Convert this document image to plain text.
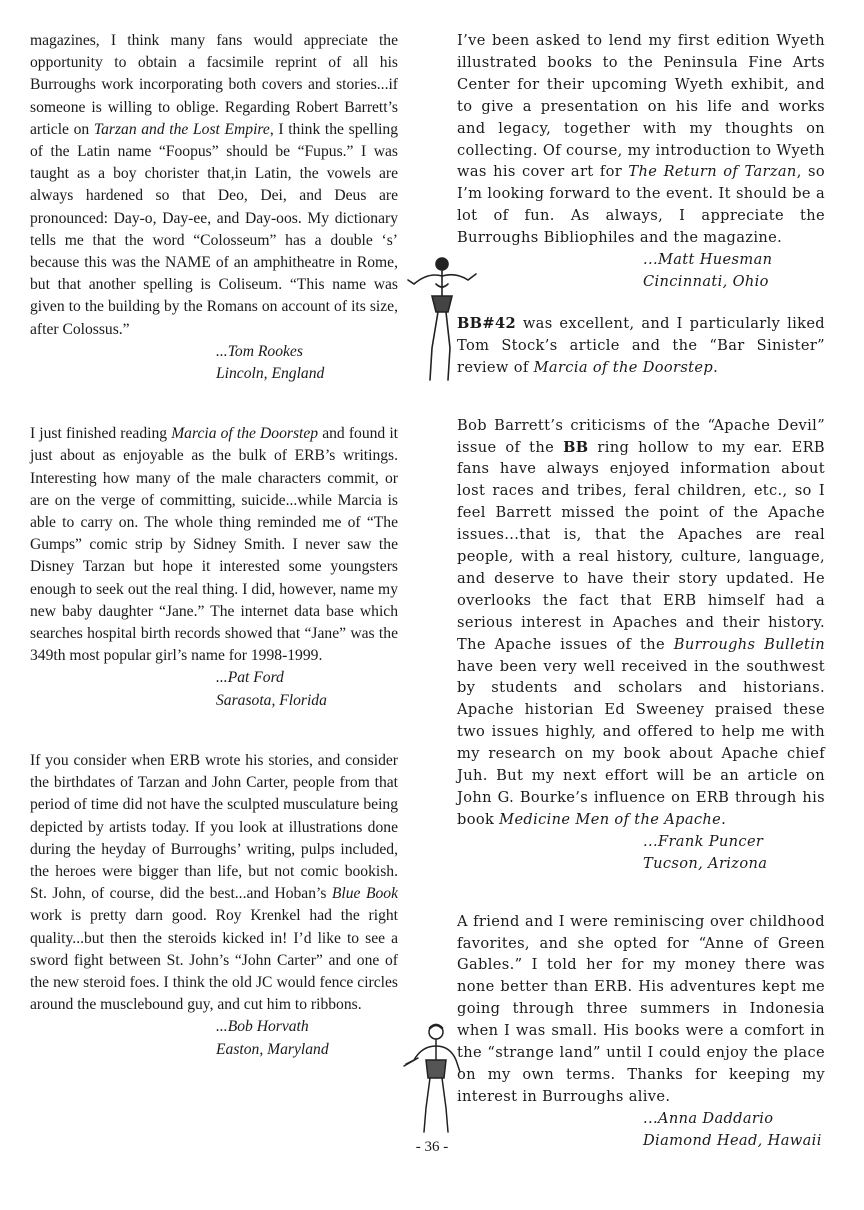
magazines, I think many fans would appreciate the opportunity to obtain a facsimile reprint of all his Burroughs work incorporating both covers and stories...if someone is willing to oblige. Regarding Robert Barrett’s article on Tarzan and the Lost Empire, I think the spelling of the Latin name “Foopus” should be “Fupus.” I was taught as a boy chorister that,in Latin, the vowels are always hardened so that Deo, Dei, and Deus are pronounced: Day-o, Day-ee, and Day-oos. My dictionary tells me that the word “Colosseum” has a double ‘s’ because this was the NAME of an amphitheatre in Rome, but that another spelling is Coliseum. “This name was given to the building by the Romans on account of its size, after Colossus.”

...Tom Rookes
Lincoln, England

I just finished reading Marcia of the Doorstep and found it just about as enjoyable as the bulk of ERB’s writings. Interesting how many of the male characters commit, or are on the verge of committing, suicide...while Marcia is able to carry on. The whole thing reminded me of “The Gumps” comic strip by Sidney Smith. I never saw the Disney Tarzan but hope it interested some youngsters enough to seek out the real thing. I did, however, name my new baby daughter “Jane.” The internet data base which searches hospital birth records showed that “Jane” was the 349th most popular girl’s name for 1998-1999.

...Pat Ford
Sarasota, Florida

If you consider when ERB wrote his stories, and consider the birthdates of Tarzan and John Carter, people from that period of time did not have the sculpted musculature being depicted by artists today. If you look at illustrations done during the heyday of Burroughs’ writing, pulps included, the heroes were bigger than life, but not comic bookish. St. John, of course, did the best...and Hoban’s Blue Book work is pretty darn good. Roy Krenkel had the right quality...but then the steroids kicked in! I’d like to see a sword fight between St. John’s “John Carter” and one of the new steroid foes. I think the old JC would fence circles around the musclebound guy, and cut him to ribbons.

...Bob Horvath
Easton, Maryland

I’ve been asked to lend my first edition Wyeth illustrated books to the Peninsula Fine Arts Center for their upcoming Wyeth exhibit, and to give a presentation on his life and works and legacy, together with my thoughts on collecting. Of course, my introduction to Wyeth was his cover art for The Return of Tarzan, so I’m looking forward to the event. It should be a lot of fun. As always, I appreciate the Burroughs Bibliophiles and the magazine.

...Matt Huesman
Cincinnati, Ohio

BB#42 was excellent, and I particularly liked Tom Stock’s article and the “Bar Sinister” review of Marcia of the Doorstep.

Bob Barrett’s criticisms of the “Apache Devil” issue of the BB ring hollow to my ear. ERB fans have always enjoyed information about lost races and tribes, feral children, etc., so I feel Barrett missed the point of the Apache issues...that is, that the Apaches are real people, with a real history, culture, language, and deserve to have their story updated. He overlooks the fact that ERB himself had a serious interest in Apaches and their history. The Apache issues of the Burroughs Bulletin have been very well received in the southwest by students and scholars and historians. Apache historian Ed Sweeney praised these two issues highly, and offered to help me with my research on my book about Apache chief Juh. But my next effort will be an article on John G. Bourke’s influence on ERB through his book Medicine Men of the Apache.

...Frank Puncer
Tucson, Arizona

A friend and I were reminiscing over childhood favorites, and she opted for “Anne of Green Gables.” I told her for my money there was none better than ERB. His adventures kept me going through three summers in Indonesia when I was small. His books were a comfort in the “strange land” until I could enjoy the place on my own terms. Thanks for keeping my interest in Burroughs alive.

...Anna Daddario
Diamond Head, Hawaii
- 36 -
